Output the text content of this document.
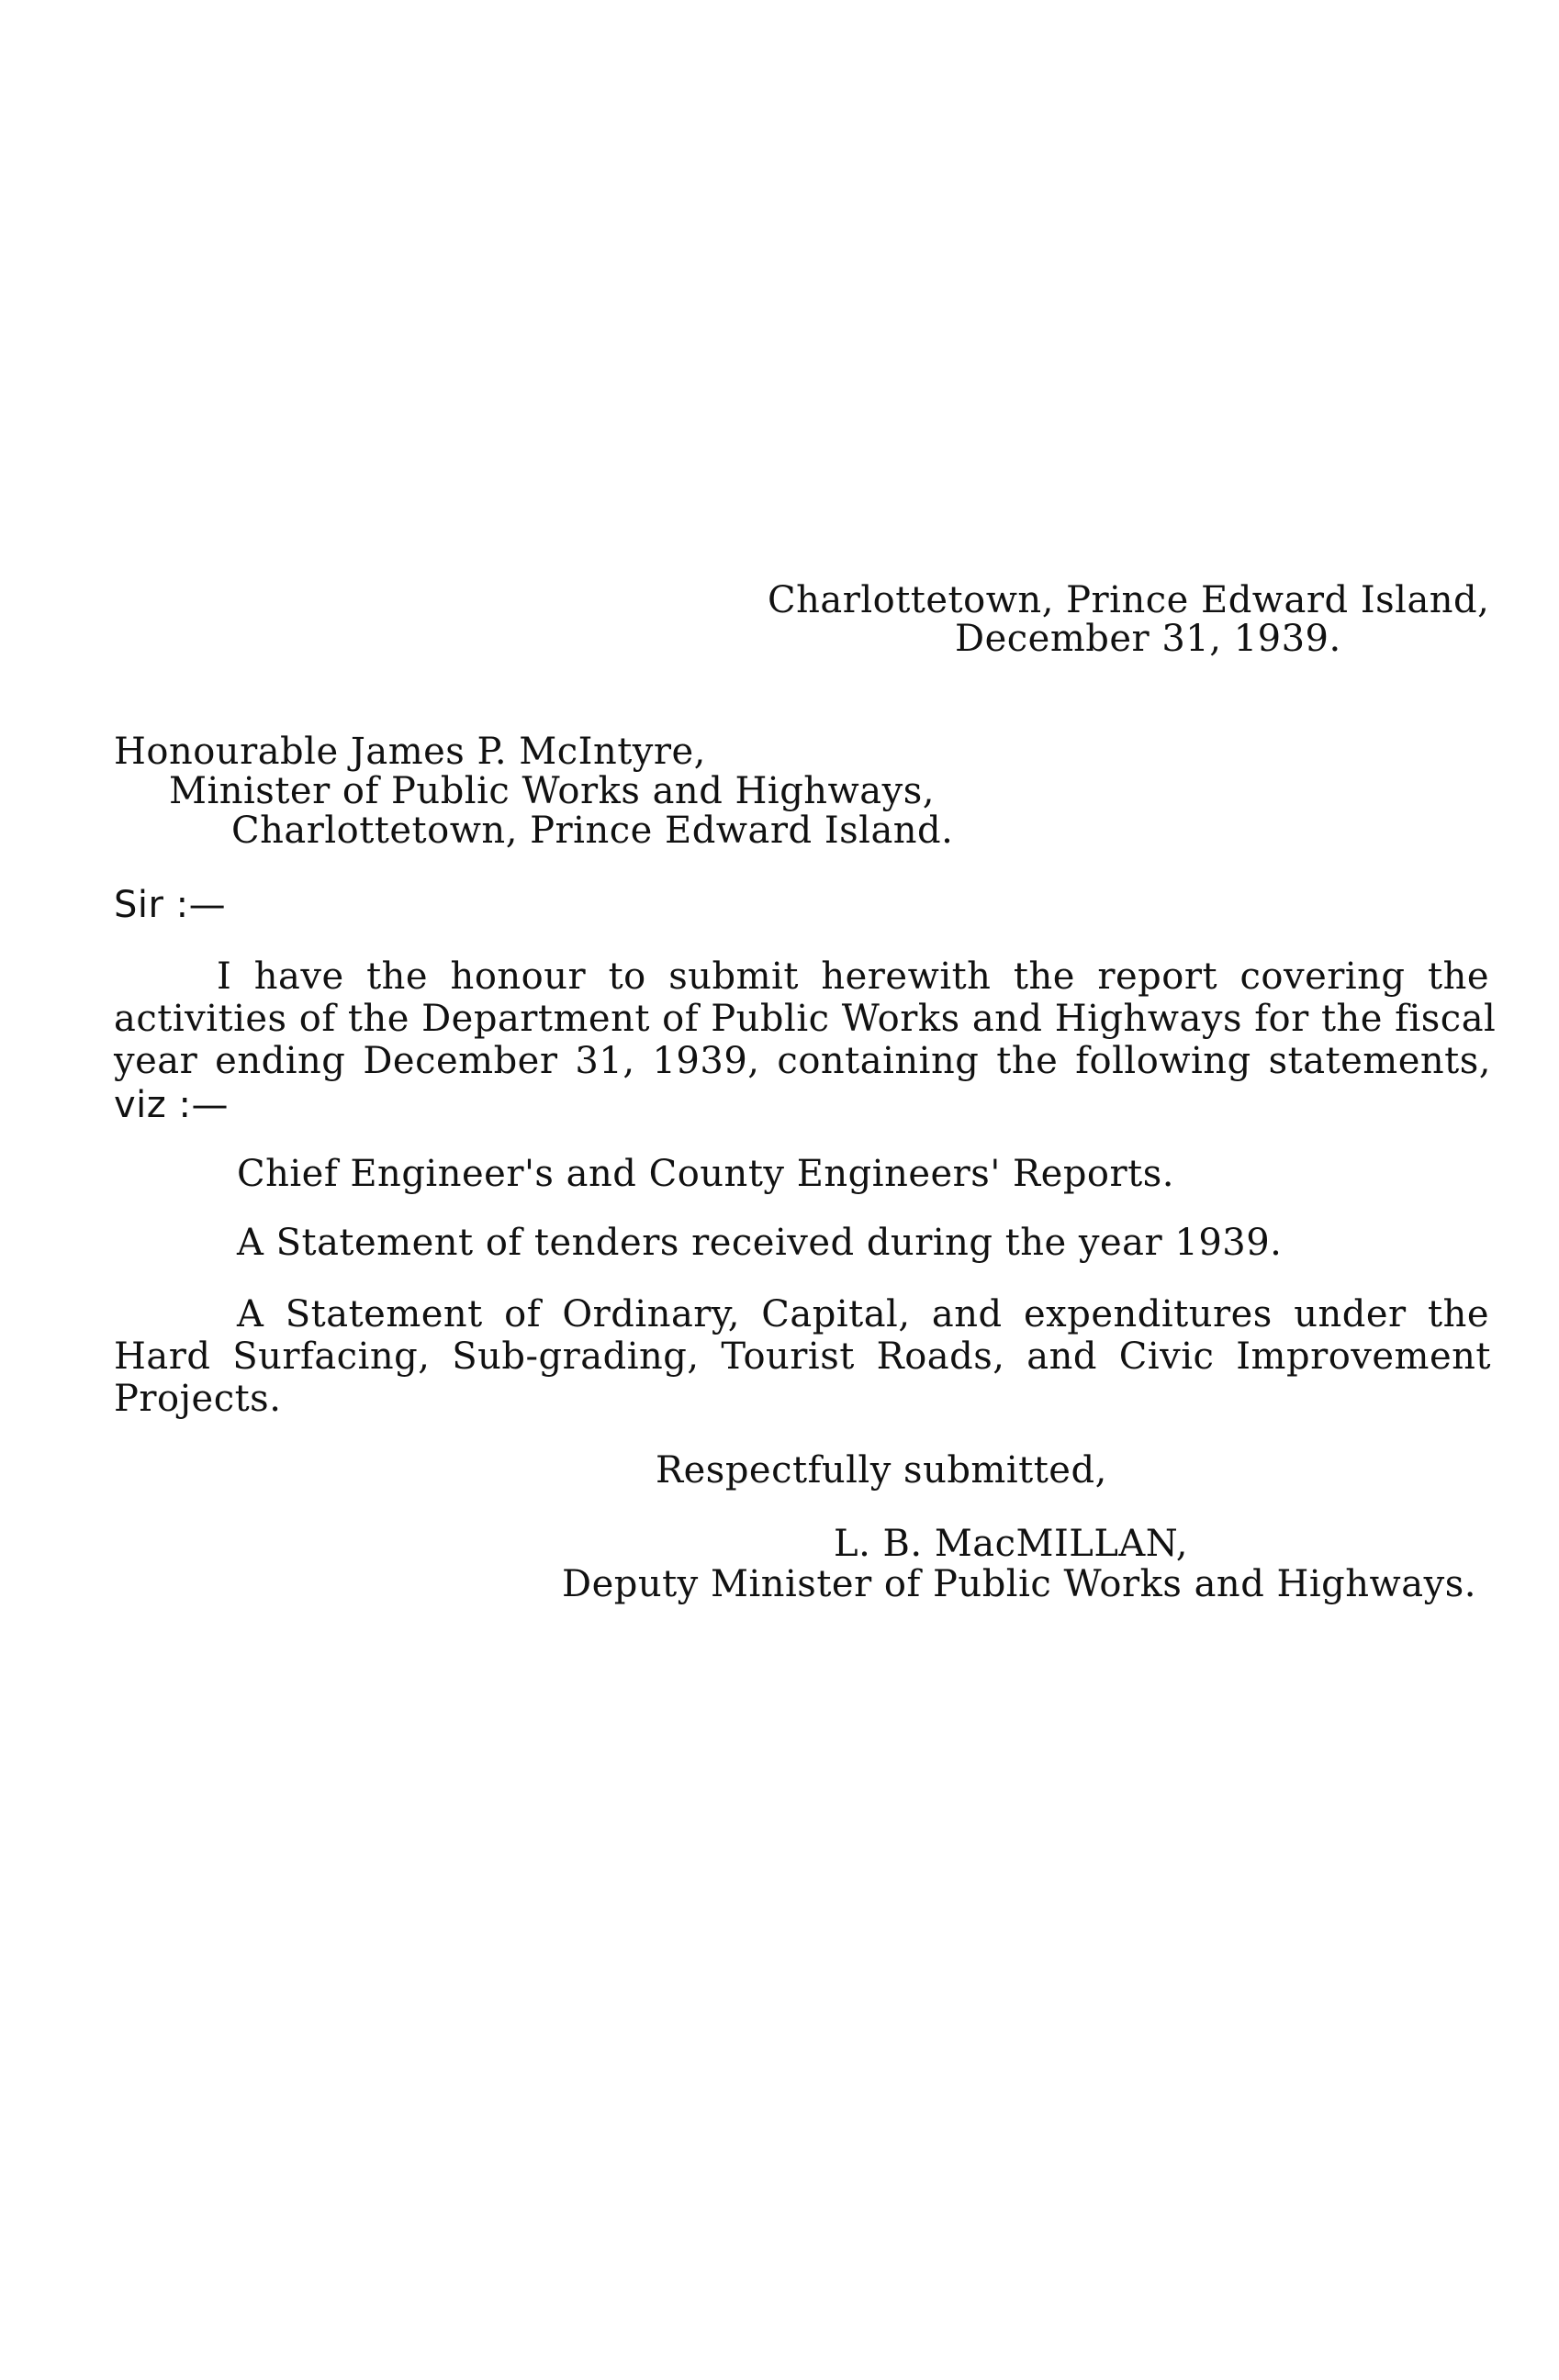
Charlottetown, Prince Edward Island,
December 31, 1939.
Honourable James P. McIntyre,
Minister of Public Works and Highways,
Charlottetown, Prince Edward Island.
Sir :—
I have the honour to submit herewith the report covering the
activities of the Department of Public Works and Highways for the fiscal
year ending December 31, 1939, containing the following statements,
viz :—
Chief Engineer's and County Engineers' Reports.
A Statement of tenders received during the year 1939.
A Statement of Ordinary, Capital, and expenditures under the
Hard Surfacing, Sub-grading, Tourist Roads, and Civic Improvement
Projects.
Respectfully submitted,
L. B. MacMILLAN,
Deputy Minister of Public Works and Highways.
